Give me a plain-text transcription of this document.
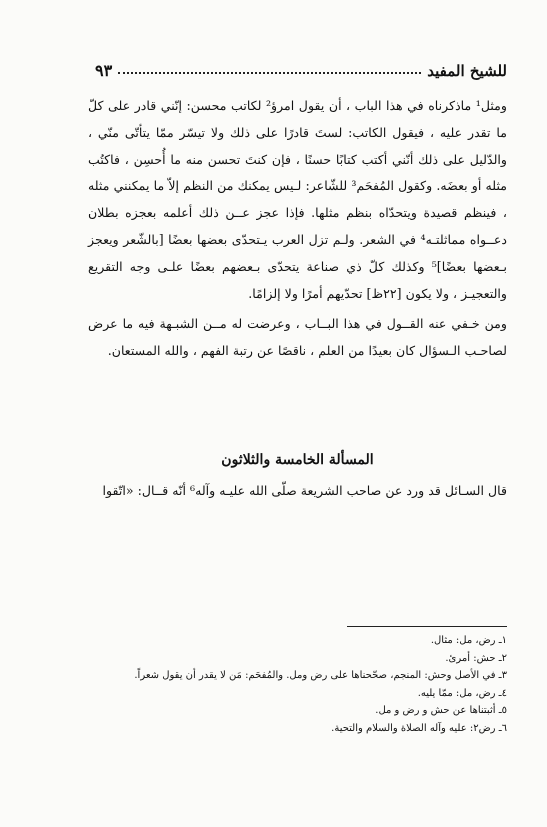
للشيخ المفيد
٩٣

ومثل¹ ماذكرناه في هذا الباب ، أن يقول امرؤ² لكاتب محسن: إنّني قادر على كلّ ما تقدر عليه ، فيقول الكاتب: لستَ قادرًا على ذلك ولا تيسّر ممّا يتأتّى منّي ، والدّليل على ذلك أنّني أكتب كتابًا حسنًا ، فإن كنتَ تحسن منه ما أُحسِن ، فاكتُب مثله أو بعضَه. وكقول المُفحَم³ للشّاعر: لـيس يمكنك من النظم إلاّ ما يمكنني مثله ، فينظم قصيدة ويتحدّاه بنظم مثلها. فإذا عجز عــن ذلك أعلمه بعجزه بطلان دعــواه مماثلتـه⁴ في الشعر. ولـم تزل العرب يـتحدّى بعضها بعضًا [بالشّعر ويعجز بـعضها بعضًا]⁵ وكذلك كلّ ذي صناعة يتحدّى بـعضهم بعضًا علـى وجه التقريع والتعجيـز ، ولا يكون [٢٢ظ] تحدّيهم أمرًا ولا إلزامًا.

ومن خـفي عنه القــول في هذا البــاب ، وعرضت له مــن الشبـهة فيه ما عرض لصاحـب الـسؤال كان بعيدًا من العلم ، ناقصًا عن رتبة الفهم ، والله المستعان.

المسألة الخامسة والثلاثون
قال السـائل قد ورد عن صاحب الشريعة صلّى الله عليـه وآله⁶ أنّه قــال: «اتّقوا
١ـ رض، مل: مثال.
٢ـ حش: أمرئ.
٣ـ في الأصل وحش: المنجم، صحّحناها على رض ومل. والمُفحَم: مَن لا يقدر أن يقول شعراً.
٤ـ رض، مل: ممّا يليه.
٥ـ أثبتناها عن حش و رض و مل.
٦ـ رض٢: عليه وآله الصلاة والسلام والتحية.
